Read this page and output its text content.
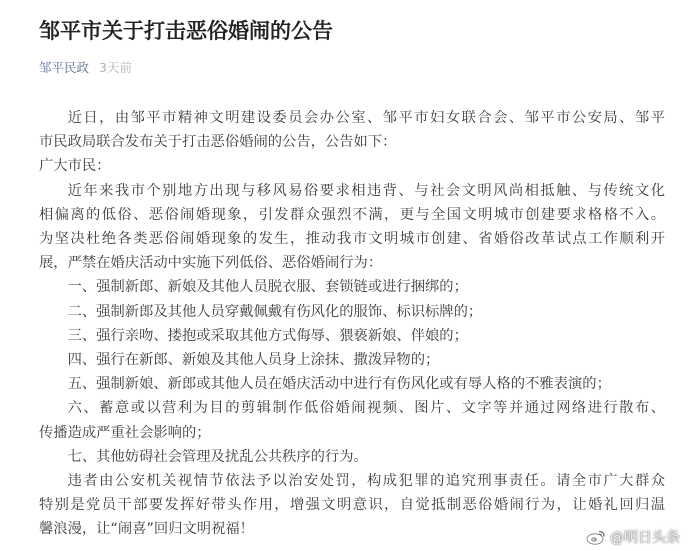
邹平市关于打击恶俗婚闹的公告
邹平民政 3天前

近日，由邹平市精神文明建设委员会办公室、邹平市妇女联合会、邹平市公安局、邹平

市民政局联合发布关于打击恶俗婚闹的公告，公告如下：

广大市民：

近年来我市个别地方出现与移风易俗要求相违背、与社会文明风尚相抵触、与传统文化

相偏离的低俗、恶俗闹婚现象，引发群众强烈不满，更与全国文明城市创建要求格格不入。

为坚决杜绝各类恶俗闹婚现象的发生，推动我市文明城市创建、省婚俗改革试点工作顺利开

展，严禁在婚庆活动中实施下列低俗、恶俗婚闹行为：

一、强制新郎、新娘及其他人员脱衣服、套锁链或进行捆绑的；

二、强制新郎及其他人员穿戴佩戴有伤风化的服饰、标识标牌的；

三、强行亲吻、搂抱或采取其他方式侮辱、猥亵新娘、伴娘的；

四、强行在新郎、新娘及其他人员身上涂抹、撒泼异物的；

五、强制新娘、新郎或其他人员在婚庆活动中进行有伤风化或有辱人格的不雅表演的；

六、蓄意或以营利为目的剪辑制作低俗婚闹视频、图片、文字等并通过网络进行散布、

传播造成严重社会影响的；

七、其他妨碍社会管理及扰乱公共秩序的行为。

违者由公安机关视情节依法予以治安处罚，构成犯罪的追究刑事责任。请全市广大群众

特别是党员干部要发挥好带头作用，增强文明意识，自觉抵制恶俗婚闹行为，让婚礼回归温

馨浪漫，让“闹喜”回归文明祝福！

@明日头条
